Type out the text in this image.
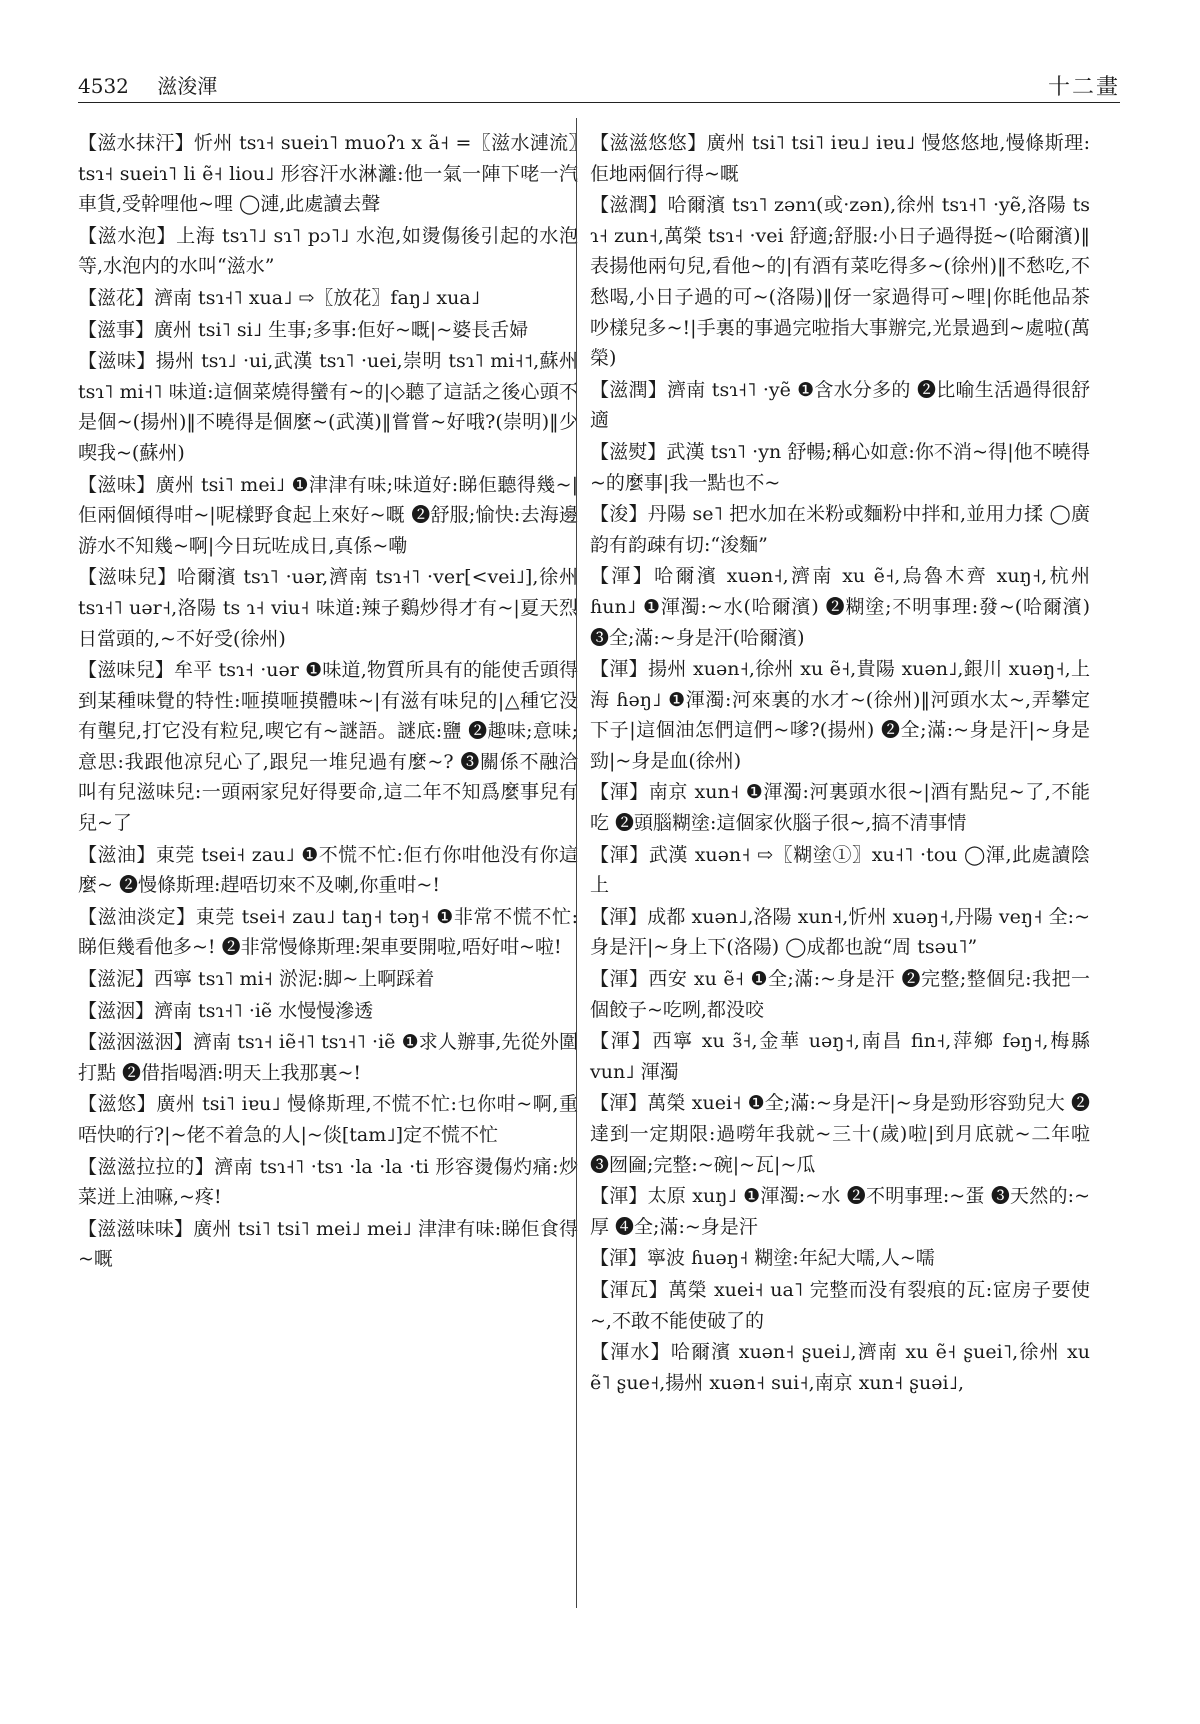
4532 滋浚渾	十二畫
【滋水抹汗】忻州 tsɿ˧ sueiɿ˥ muoʔɿ x ã˧ =〖滋水漣流〗tsɿ˧ sueiɿ˥ li ẽ˧ liou˩ 形容汗水淋灕:他一氣一陣下咾一汽車貨,受幹哩他~哩 ◯漣,此處讀去聲
【滋水泡】上海 tsɿ˥˩ sɿ˥ pɔ˥˩ 水泡,如燙傷後引起的水泡等,水泡内的水叫“滋水”
【滋花】濟南 tsɿ˧˥ xua˩ ⇨〖放花〗faŋ˩ xua˩
【滋事】廣州 tsi˥ si˩ 生事;多事:佢好~嘅|~婆長舌婦
【滋味】揚州 tsɿ˩ ·ui,武漢 tsɿ˥ ·uei,崇明 tsɿ˥ mi˧˦,蘇州 tsɿ˥ mi˧˥ 味道:這個菜燒得蠻有~的|◇聽了這話之後心頭不是個~(揚州)‖不曉得是個麼~(武漢)‖嘗嘗~好哦?(崇明)‖少喫我~(蘇州)
【滋味】廣州 tsi˥ mei˩ ❶津津有味;味道好:睇佢聽得幾~|佢兩個傾得咁~|呢樣野食起上來好~嘅 ❷舒服;愉快:去海邊游水不知幾~啊|今日玩咗成日,真係~嘞
【滋味兒】哈爾濱 tsɿ˥ ·uər,濟南 tsɿ˧˥ ·ver[<vei˩],徐州 tsɿ˧˥ uər˧,洛陽 ts ɿ˧ viu˧ 味道:辣子鷄炒得才有~|夏天烈日當頭的,~不好受(徐州)
【滋味兒】牟平 tsɿ˧ ·uər ❶味道,物質所具有的能使舌頭得到某種味覺的特性:咂摸咂摸體味~|有滋有味兒的|△種它没有壟兒,打它没有粒兒,喫它有~謎語。謎底:鹽 ❷趣味;意味;意思:我跟他凉兒心了,跟兒一堆兒過有麼~? ❸關係不融洽叫有兒滋味兒:一頭兩家兒好得要命,這二年不知爲麼事兒有兒~了
【滋油】東莞 tsei˧ zau˩ ❶不慌不忙:佢冇你咁他没有你這麼~ ❷慢條斯理:趕唔切來不及喇,你重咁~!
【滋油淡定】東莞 tsei˧ zau˩ taŋ˧ təŋ˧ ❶非常不慌不忙:睇佢幾看他多~! ❷非常慢條斯理:架車要開啦,唔好咁~啦!
【滋泥】西寧 tsɿ˥ mi˧ 淤泥:脚~上啊踩着
【滋洇】濟南 tsɿ˧˥ ·iẽ 水慢慢滲透
【滋洇滋洇】濟南 tsɿ˧ iẽ˧˥ tsɿ˧˥ ·iẽ ❶求人辦事,先從外圍打點 ❷借指喝酒:明天上我那裏~!
【滋悠】廣州 tsi˥ iɐu˩ 慢條斯理,不慌不忙:乜你咁~啊,重唔快啲行?|~佬不着急的人|~倓[tam˩]定不慌不忙
【滋滋拉拉的】濟南 tsɿ˧˥ ·tsɿ ·la ·la ·ti 形容燙傷灼痛:炒菜迸上油嘛,~疼!
【滋滋味味】廣州 tsi˥ tsi˥ mei˩ mei˩ 津津有味:睇佢食得~嘅
【滋滋悠悠】廣州 tsi˥ tsi˥ iɐu˩ iɐu˩ 慢悠悠地,慢條斯理:佢地兩個行得~嘅
【滋潤】哈爾濱 tsɿ˥ zənɿ(或·zən),徐州 tsɿ˧˥ ·yẽ,洛陽 ts ɿ˧ zun˧,萬榮 tsɿ˧ ·vei 舒適;舒服:小日子過得挺~(哈爾濱)‖表揚他兩句兒,看他~的|有酒有菜吃得多~(徐州)‖不愁吃,不愁喝,小日子過的可~(洛陽)‖伢一家過得可~哩|你眊他品茶吵樣兒多~!|手裏的事過完啦指大事辦完,光景過到~處啦(萬榮)
【滋潤】濟南 tsɿ˧˥ ·yẽ ❶含水分多的 ❷比喻生活過得很舒適
【滋熨】武漢 tsɿ˥ ·yn 舒暢;稱心如意:你不消~得|他不曉得~的麼事|我一點也不~
【浚】丹陽 se˥ 把水加在米粉或麵粉中拌和,並用力揉 ◯廣韵有韵疎有切:“浚麵”
【渾】哈爾濱 xuən˧,濟南 xu ẽ˧,烏魯木齊 xuŋ˧,杭州 ɦun˩ ❶渾濁:~水(哈爾濱) ❷糊塗;不明事理:發~(哈爾濱) ❸全;滿:~身是汗(哈爾濱)
【渾】揚州 xuən˧,徐州 xu ẽ˧,貴陽 xuən˩,銀川 xuəŋ˧,上海 ɦəŋ˩ ❶渾濁:河來裏的水才~(徐州)‖河頭水太~,弄攀定下子|這個油怎們這們~嗲?(揚州) ❷全;滿:~身是汗|~身是勁|~身是血(徐州)
【渾】南京 xun˧ ❶渾濁:河裏頭水很~|酒有點兒~了,不能吃 ❷頭腦糊塗:這個家伙腦子很~,搞不清事情
【渾】武漢 xuən˧ ⇨〖糊塗①〗xu˧˥ ·tou ◯渾,此處讀陰上
【渾】成都 xuən˩,洛陽 xun˧,忻州 xuəŋ˧,丹陽 veŋ˧ 全:~身是汗|~身上下(洛陽) ◯成都也說“周 tsəu˥”
【渾】西安 xu ẽ˧ ❶全;滿:~身是汗 ❷完整;整個兒:我把一個餃子~吃咧,都没咬
【渾】西寧 xu ɜ̃˧,金華 uəŋ˧,南昌 fin˧,萍鄉 fəŋ˧,梅縣 vun˩ 渾濁
【渾】萬榮 xuei˧ ❶全;滿:~身是汗|~身是勁形容勁兒大 ❷達到一定期限:過嘮年我就~三十(歲)啦|到月底就~二年啦 ❸囫圇;完整:~碗|~瓦|~瓜
【渾】太原 xuŋ˩ ❶渾濁:~水 ❷不明事理:~蛋 ❸天然的:~厚 ❹全;滿:~身是汗
【渾】寧波 ɦuəŋ˧ 糊塗:年紀大嚅,人~嚅
【渾瓦】萬榮 xuei˧ ua˥ 完整而没有裂痕的瓦:宧房子要使~,不敢不能使破了的
【渾水】哈爾濱 xuən˧ ʂuei˩,濟南 xu ẽ˧ ʂuei˥,徐州 xu ẽ˥ ʂue˧,揚州 xuən˧ sui˧,南京 xun˧ ʂuəi˩,
